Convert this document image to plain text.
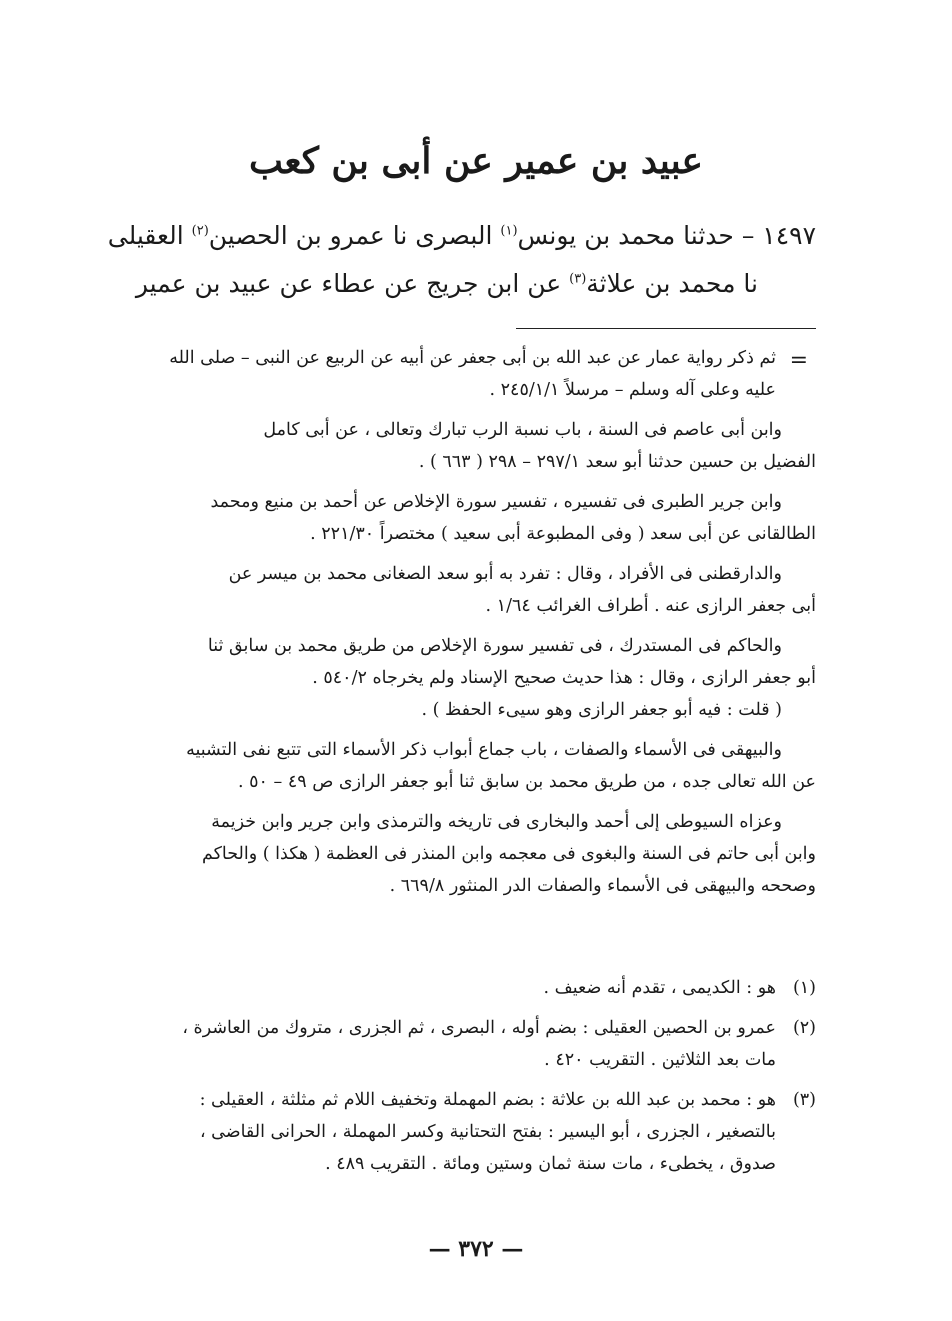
عبيد بن عمير عن أبى بن كعب
١٤٩٧ – حدثنا محمد بن يونس$^{(١)}$ البصرى نا عمرو بن الحصين$^{(٢)}$ العقيلى
نا محمد بن علاثة$^{(٣)}$ عن ابن جريج عن عطاء عن عبيد بن عمير
=
ثم ذكر رواية عمار عن عبد الله بن أبى جعفر عن أبيه عن الربيع عن النبى – صلى الله
عليه وعلى آله وسلم – مرسلاً ٢٤٥/١/١ .
وابن أبى عاصم فى السنة ، باب نسبة الرب تبارك وتعالى ، عن أبى كامل
الفضيل بن حسين حدثنا أبو سعد ٢٩٧/١ – ٢٩٨ ( ٦٦٣ ) .
وابن جرير الطبرى فى تفسيره ، تفسير سورة الإخلاص عن أحمد بن منيع ومحمد
الطالقانى عن أبى سعد ( وفى المطبوعة أبى سعيد ) مختصراً ٢٢١/٣٠ .
والدارقطنى فى الأفراد ، وقال : تفرد به أبو سعد الصغانى محمد بن ميسر عن
أبى جعفر الرازى عنه . أطراف الغرائب ١/٦٤ .
والحاكم فى المستدرك ، فى تفسير سورة الإخلاص من طريق محمد بن سابق ثنا
أبو جعفر الرازى ، وقال : هذا حديث صحيح الإسناد ولم يخرجاه ٥٤٠/٢ .
( قلت : فيه أبو جعفر الرازى وهو سيىء الحفظ ) .
والبيهقى فى الأسماء والصفات ، باب جماع أبواب ذكر الأسماء التى تتبع نفى التشبيه
عن الله تعالى جده ، من طريق محمد بن سابق ثنا أبو جعفر الرازى ص ٤٩ – ٥٠ .
وعزاه السيوطى إلى أحمد والبخارى فى تاريخه والترمذى وابن جرير وابن خزيمة
وابن أبى حاتم فى السنة والبغوى فى معجمه وابن المنذر فى العظمة ( هكذا ) والحاكم
وصححه والبيهقى فى الأسماء والصفات الدر المنثور ٦٦٩/٨ .
(١)
هو : الكديمى ، تقدم أنه ضعيف .
(٢)
عمرو بن الحصين العقيلى : بضم أوله ، البصرى ، ثم الجزرى ، متروك من العاشرة ،
مات بعد الثلاثين . التقريب ٤٢٠ .
(٣)
هو : محمد بن عبد الله بن علاثة : بضم المهملة وتخفيف اللام ثم مثلثة ، العقيلى :
بالتصغير ، الجزرى ، أبو اليسير : بفتح التحتانية وكسر المهملة ، الحرانى القاضى ،
صدوق ، يخطىء ، مات سنة ثمان وستين ومائة . التقريب ٤٨٩ .
— ٣٧٢ —
